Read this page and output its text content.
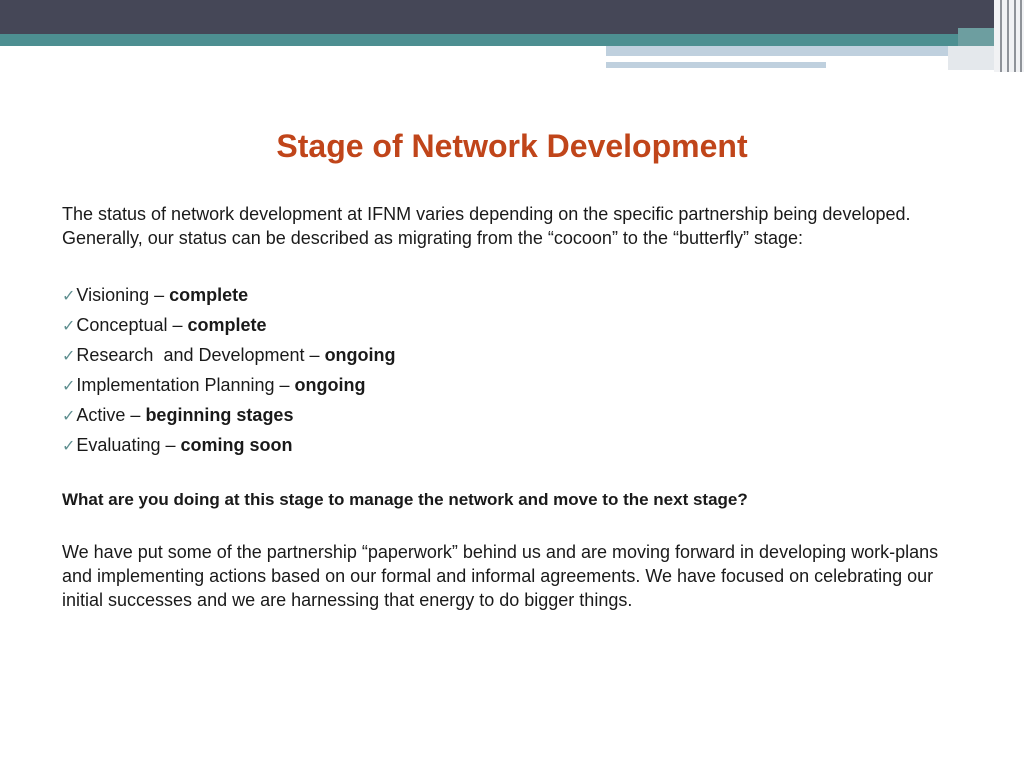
Stage of Network Development

The status of network development at IFNM varies depending on the specific partnership being developed. Generally, our status can be described as migrating from the “cocoon” to the “butterfly” stage:

✓Visioning – complete
✓Conceptual – complete
✓Research  and Development – ongoing
✓Implementation Planning – ongoing
✓Active – beginning stages
✓Evaluating – coming soon

What are you doing at this stage to manage the network and move to the next stage?

We have put some of the partnership “paperwork” behind us and are moving forward in developing work-plans and implementing actions based on our formal and informal agreements. We have focused on celebrating our initial successes and we are harnessing that energy to do bigger things.
